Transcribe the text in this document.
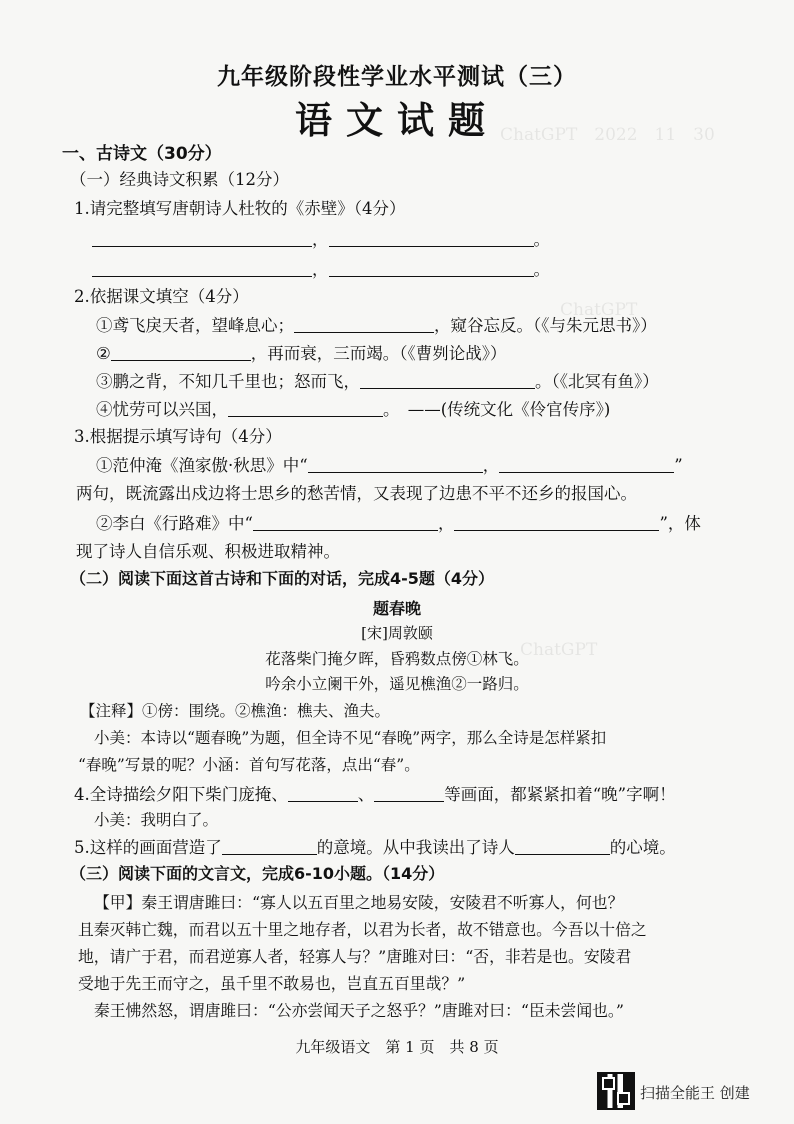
ChatGPT　2022　11　30
ChatGPT
ChatGPT
九年级阶段性学业水平测试（三）
语文试题
一、古诗文（30分）
（一）经典诗文积累（12分）
1.请完整填写唐朝诗人杜牧的《赤壁》（4分）
，	。
，	。
2.依据课文填空（4分）
①鸢飞戾天者，望峰息心；	，窥谷忘反。（《与朱元思书》）
②	，再而衰，三而竭。（《曹刿论战》）
③鹏之背，不知几千里也；怒而飞，	。（《北冥有鱼》）
④忧劳可以兴国，	。　——(传统文化《伶官传序》)
3.根据提示填写诗句（4分）
①范仲淹《渔家傲·秋思》中“	，	”
两句，既流露出戍边将士思乡的愁苦情，又表现了边患不平不还乡的报国心。
②李白《行路难》中“	，	”，体
现了诗人自信乐观、积极进取精神。
（二）阅读下面这首古诗和下面的对话，完成4-5题（4分）
题春晚
[宋]周敦颐
花落柴门掩夕晖，昏鸦数点傍①林飞。
吟余小立阑干外，遥见樵渔②一路归。
【注释】①傍：围绕。②樵渔：樵夫、渔夫。
小美：本诗以“题春晚”为题，但全诗不见“春晚”两字，那么全诗是怎样紧扣
“春晚”写景的呢？小涵：首句写花落，点出“春”。
4.全诗描绘夕阳下柴门庞掩、	、	等画面，都紧紧扣着“晚”字啊！
小美：我明白了。
5.这样的画面营造了	的意境。从中我读出了诗人	的心境。
（三）阅读下面的文言文，完成6-10小题。（14分）
【甲】秦王谓唐雎曰：“寡人以五百里之地易安陵，安陵君不听寡人，何也？
且秦灭韩亡魏，而君以五十里之地存者，以君为长者，故不错意也。今吾以十倍之
地，请广于君，而君逆寡人者，轻寡人与？”唐雎对曰：“否，非若是也。安陵君
受地于先王而守之，虽千里不敢易也，岂直五百里哉？”
秦王怫然怒，谓唐雎曰：“公亦尝闻天子之怒乎？”唐雎对曰：“臣未尝闻也。”
九年级语文　第 1 页　共 8 页
扫描全能王 创建
